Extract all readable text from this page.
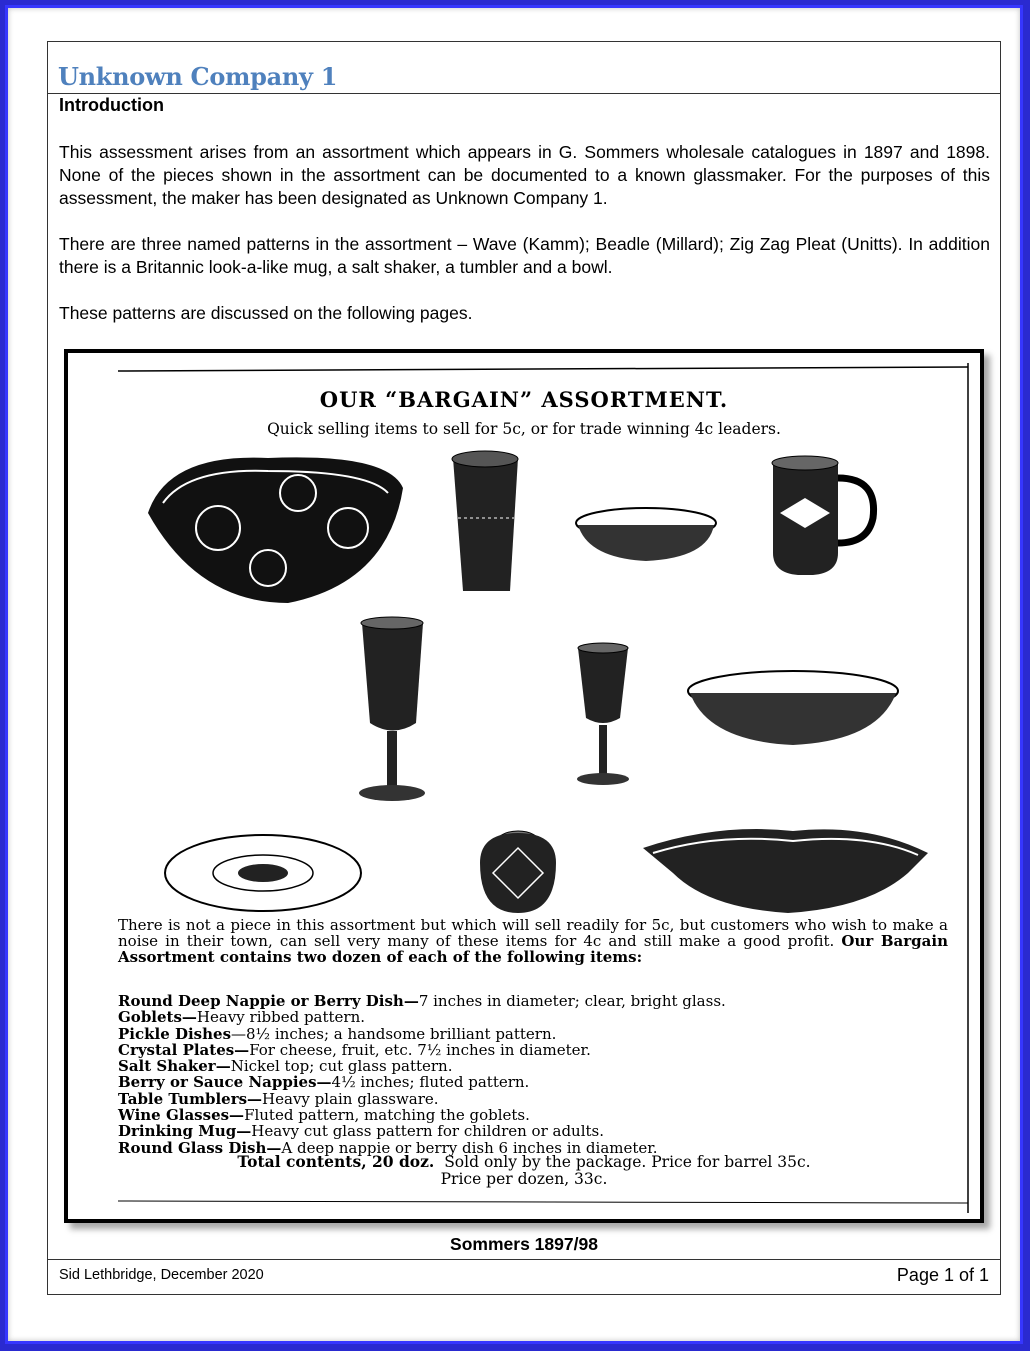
Unknown Company 1
Introduction
This assessment arises from an assortment which appears in G. Sommers wholesale catalogues in 1897 and 1898. None of the pieces shown in the assortment can be documented to a known glassmaker. For the purposes of this assessment, the maker has been designated as Unknown Company 1.
There are three named patterns in the assortment – Wave (Kamm); Beadle (Millard); Zig Zag Pleat (Unitts). In addition there is a Britannic look-a-like mug, a salt shaker, a tumbler and a bowl.
These patterns are discussed on the following pages.
OUR “BARGAIN” ASSORTMENT.
Quick selling items to sell for 5c, or for trade winning 4c leaders.
There is not a piece in this assortment but which will sell readily for 5c, but customers who wish to make a noise in their town, can sell very many of these items for 4c and still make a good profit. Our Bargain Assortment contains two dozen of each of the following items:
Round Deep Nappie or Berry Dish—7 inches in diameter; clear, bright glass.
Goblets—Heavy ribbed pattern.
Pickle Dishes—8½ inches; a handsome brilliant pattern.
Crystal Plates—For cheese, fruit, etc. 7½ inches in diameter.
Salt Shaker—Nickel top; cut glass pattern.
Berry or Sauce Nappies—4½ inches; fluted pattern.
Table Tumblers—Heavy plain glassware.
Wine Glasses—Fluted pattern, matching the goblets.
Drinking Mug—Heavy cut glass pattern for children or adults.
Round Glass Dish—A deep nappie or berry dish 6 inches in diameter.
Total contents, 20 doz. Sold only by the package. Price for barrel 35c.
Price per dozen, 33c.
Sommers 1897/98
Sid Lethbridge, December 2020	Page 1 of 1
